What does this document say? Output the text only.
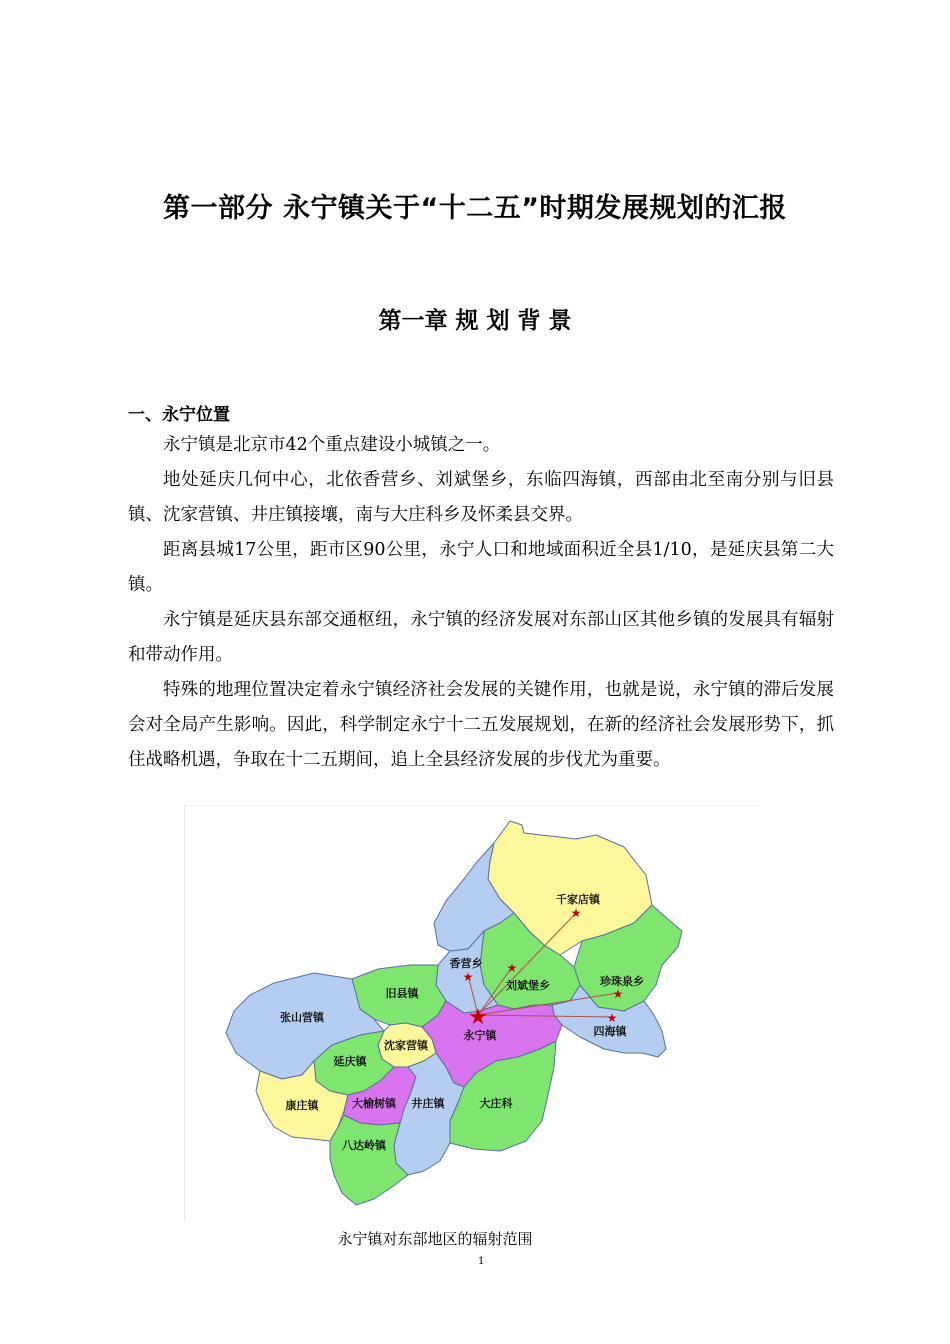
第一部分 永宁镇关于“十二五”时期发展规划的汇报
第一章 规 划 背 景
一、永宁位置

永宁镇是北京市42个重点建设小城镇之一。

地处延庆几何中心，北依香营乡、刘斌堡乡，东临四海镇，西部由北至南分别与旧县镇、沈家营镇、井庄镇接壤，南与大庄科乡及怀柔县交界。

距离县城17公里，距市区90公里，永宁人口和地域面积近全县1/10，是延庆县第二大镇。

永宁镇是延庆县东部交通枢纽，永宁镇的经济发展对东部山区其他乡镇的发展具有辐射和带动作用。

特殊的地理位置决定着永宁镇经济社会发展的关键作用，也就是说，永宁镇的滞后发展会对全局产生影响。因此，科学制定永宁十二五发展规划，在新的经济社会发展形势下，抓住战略机遇，争取在十二五期间，追上全县经济发展的步伐尤为重要。

★
★
★
★
★
★
千家店镇
香营乡
刘斌堡乡	珍珠泉乡
四海镇
旧县镇
张山营镇
永宁镇
沈家营镇
延庆镇
康庄镇	大榆树镇 井庄镇	大庄科
八达岭镇
永宁镇对东部地区的辐射范围
1
